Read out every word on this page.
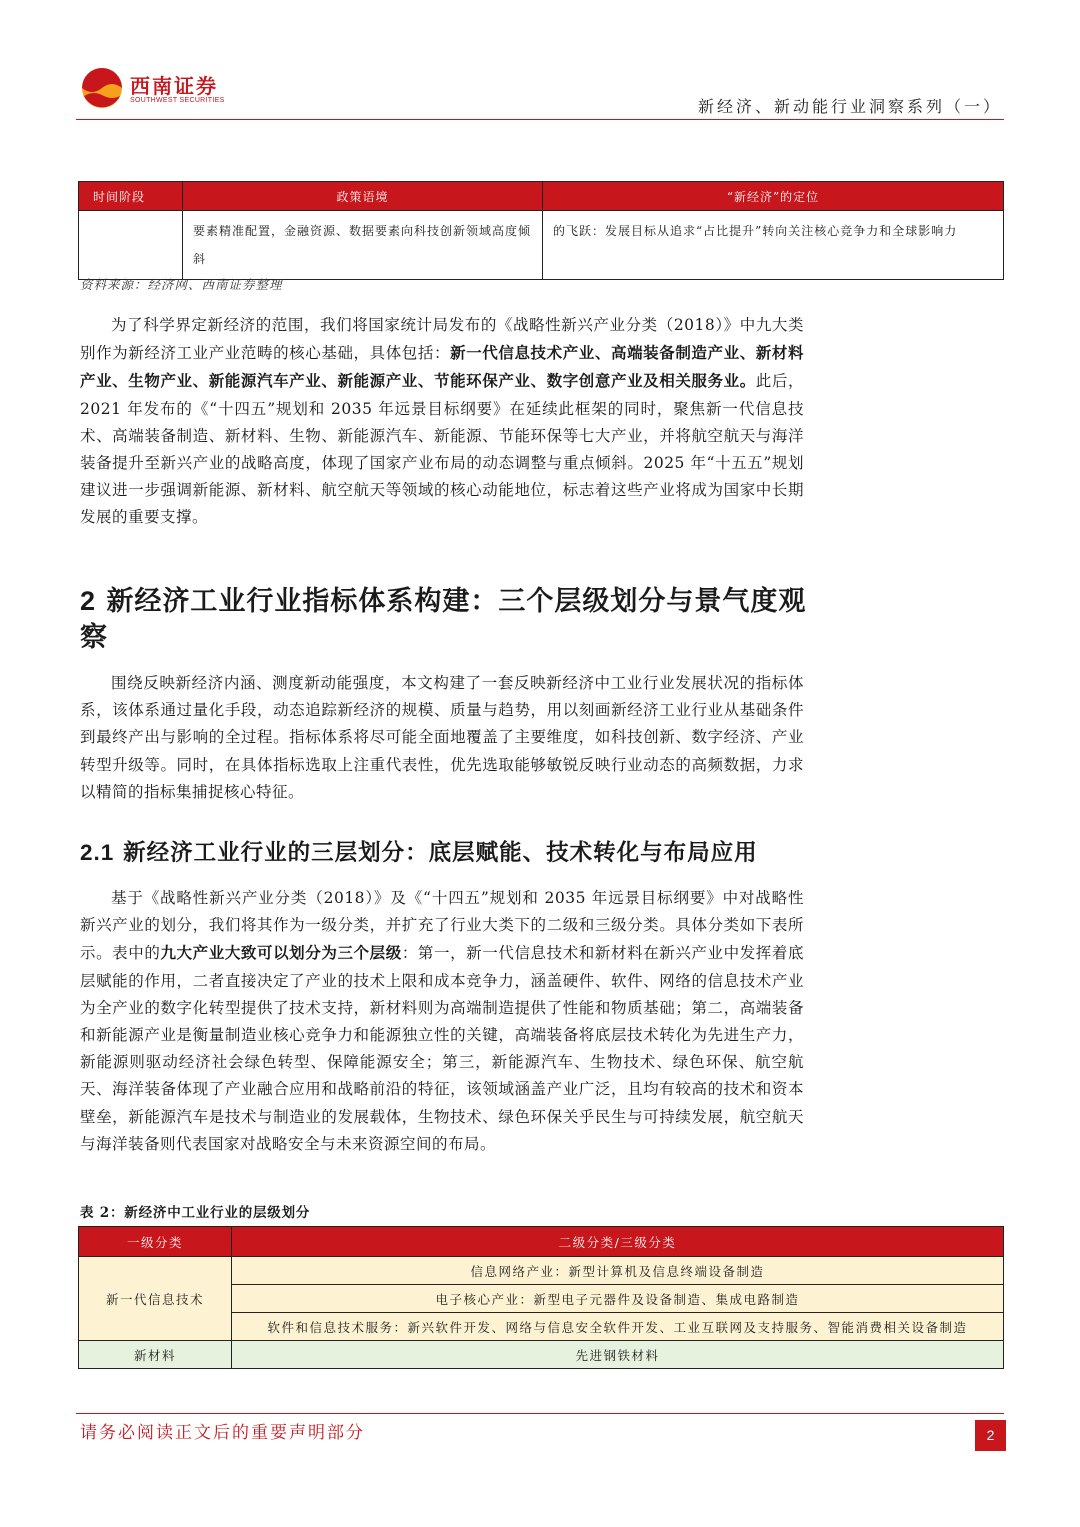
西南证券
SOUTHWEST SECURITIES	新经济、新动能行业洞察系列（一）
时间阶段	政策语境	“新经济”的定位
	要素精准配置，金融资源、数据要素向科技创新领域高度倾斜	的飞跃：发展目标从追求“占比提升”转向关注核心竞争力和全球影响力
资料来源：经济网、西南证券整理

为了科学界定新经济的范围，我们将国家统计局发布的《战略性新兴产业分类（2018）》中九大类别作为新经济工业产业范畴的核心基础，具体包括：新一代信息技术产业、高端装备制造产业、新材料产业、生物产业、新能源汽车产业、新能源产业、节能环保产业、数字创意产业及相关服务业。此后，2021 年发布的《“十四五”规划和 2035 年远景目标纲要》在延续此框架的同时，聚焦新一代信息技术、高端装备制造、新材料、生物、新能源汽车、新能源、节能环保等七大产业，并将航空航天与海洋装备提升至新兴产业的战略高度，体现了国家产业布局的动态调整与重点倾斜。2025 年“十五五”规划建议进一步强调新能源、新材料、航空航天等领域的核心动能地位，标志着这些产业将成为国家中长期发展的重要支撑。

2 新经济工业行业指标体系构建：三个层级划分与景气度观察

围绕反映新经济内涵、测度新动能强度，本文构建了一套反映新经济中工业行业发展状况的指标体系，该体系通过量化手段，动态追踪新经济的规模、质量与趋势，用以刻画新经济工业行业从基础条件到最终产出与影响的全过程。指标体系将尽可能全面地覆盖了主要维度，如科技创新、数字经济、产业转型升级等。同时，在具体指标选取上注重代表性，优先选取能够敏锐反映行业动态的高频数据，力求以精简的指标集捕捉核心特征。

2.1 新经济工业行业的三层划分：底层赋能、技术转化与布局应用

基于《战略性新兴产业分类（2018）》及《“十四五”规划和 2035 年远景目标纲要》中对战略性新兴产业的划分，我们将其作为一级分类，并扩充了行业大类下的二级和三级分类。具体分类如下表所示。表中的九大产业大致可以划分为三个层级：第一，新一代信息技术和新材料在新兴产业中发挥着底层赋能的作用，二者直接决定了产业的技术上限和成本竞争力，涵盖硬件、软件、网络的信息技术产业为全产业的数字化转型提供了技术支持，新材料则为高端制造提供了性能和物质基础；第二，高端装备和新能源产业是衡量制造业核心竞争力和能源独立性的关键，高端装备将底层技术转化为先进生产力，新能源则驱动经济社会绿色转型、保障能源安全；第三，新能源汽车、生物技术、绿色环保、航空航天、海洋装备体现了产业融合应用和战略前沿的特征，该领域涵盖产业广泛，且均有较高的技术和资本壁垒，新能源汽车是技术与制造业的发展载体，生物技术、绿色环保关乎民生与可持续发展，航空航天与海洋装备则代表国家对战略安全与未来资源空间的布局。

表 2：新经济中工业行业的层级划分
一级分类	二级分类/三级分类
新一代信息技术	信息网络产业：新型计算机及信息终端设备制造
	电子核心产业：新型电子元器件及设备制造、集成电路制造
	软件和信息技术服务：新兴软件开发、网络与信息安全软件开发、工业互联网及支持服务、智能消费相关设备制造
新材料	先进钢铁材料
请务必阅读正文后的重要声明部分	2
